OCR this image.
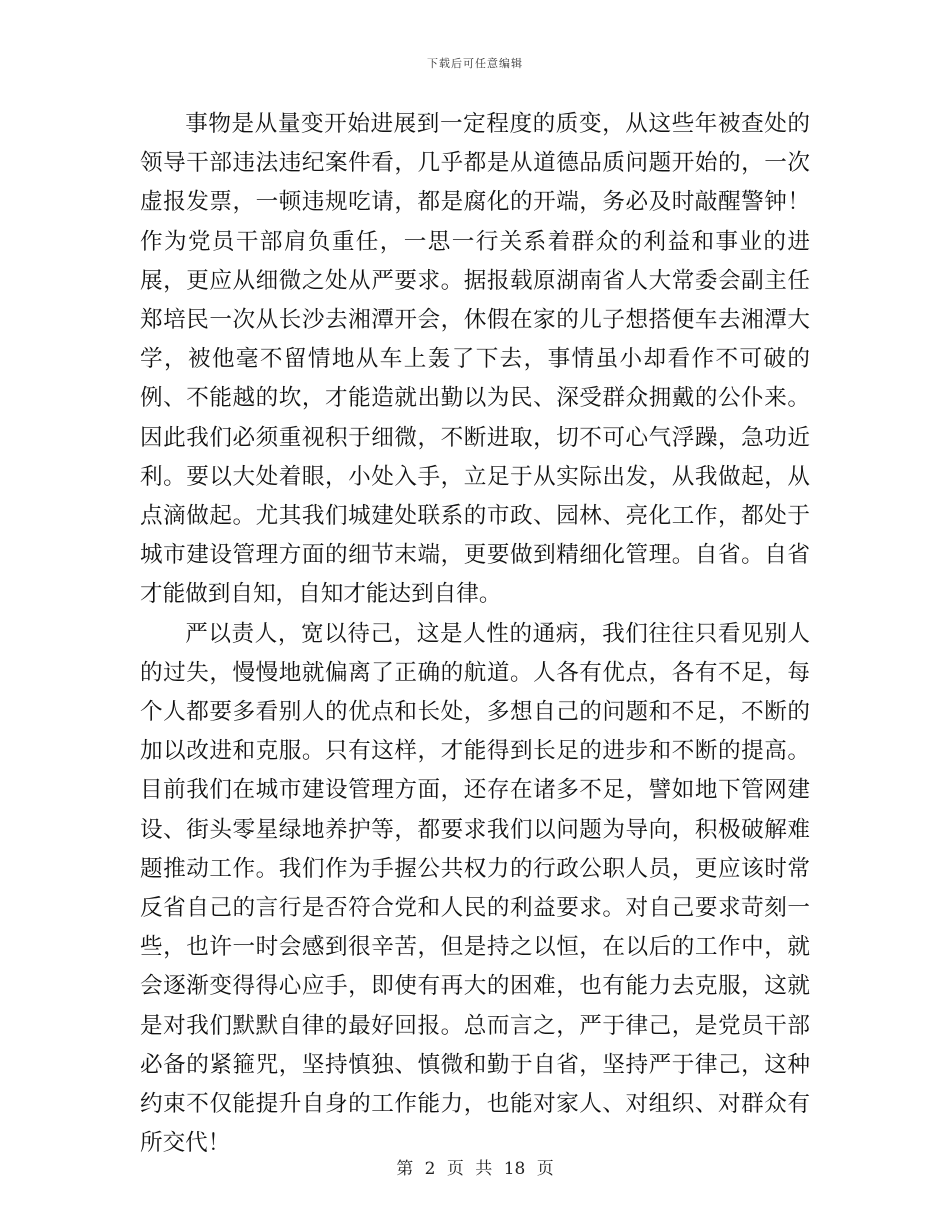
下载后可任意编辑

事物是从量变开始进展到一定程度的质变，从这些年被查处的领导干部违法违纪案件看，几乎都是从道德品质问题开始的，一次虚报发票，一顿违规吃请，都是腐化的开端，务必及时敲醒警钟！作为党员干部肩负重任，一思一行关系着群众的利益和事业的进展，更应从细微之处从严要求。据报载原湖南省人大常委会副主任郑培民一次从长沙去湘潭开会，休假在家的儿子想搭便车去湘潭大学，被他毫不留情地从车上轰了下去，事情虽小却看作不可破的例、不能越的坎，才能造就出勤以为民、深受群众拥戴的公仆来。因此我们必须重视积于细微，不断进取，切不可心气浮躁，急功近利。要以大处着眼，小处入手，立足于从实际出发，从我做起，从点滴做起。尤其我们城建处联系的市政、园林、亮化工作，都处于城市建设管理方面的细节末端，更要做到精细化管理。自省。自省才能做到自知，自知才能达到自律。

严以责人，宽以待己，这是人性的通病，我们往往只看见别人的过失，慢慢地就偏离了正确的航道。人各有优点，各有不足，每个人都要多看别人的优点和长处，多想自己的问题和不足，不断的加以改进和克服。只有这样，才能得到长足的进步和不断的提高。目前我们在城市建设管理方面，还存在诸多不足，譬如地下管网建设、街头零星绿地养护等，都要求我们以问题为导向，积极破解难题推动工作。我们作为手握公共权力的行政公职人员，更应该时常反省自己的言行是否符合党和人民的利益要求。对自己要求苛刻一些，也许一时会感到很辛苦，但是持之以恒，在以后的工作中，就会逐渐变得得心应手，即使有再大的困难，也有能力去克服，这就是对我们默默自律的最好回报。总而言之，严于律己，是党员干部必备的紧箍咒，坚持慎独、慎微和勤于自省，坚持严于律己，这种约束不仅能提升自身的工作能力，也能对家人、对组织、对群众有所交代！

第 2 页 共 18 页
